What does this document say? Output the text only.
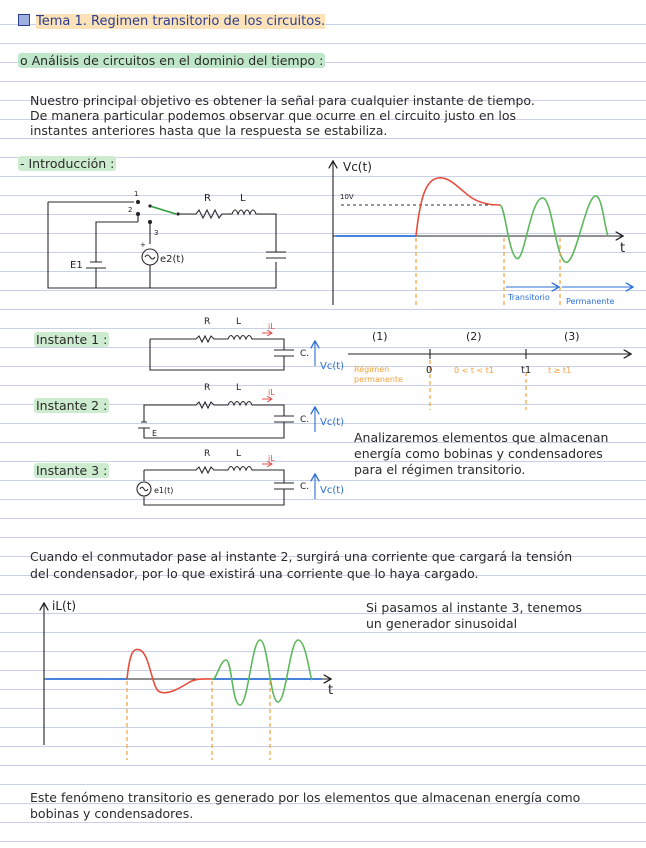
Tema 1. Regimen transitorio de los circuitos.
o Análisis de circuitos en el dominio del tiempo :
Nuestro principal objetivo es obtener la señal para cualquier instante de tiempo.
De manera particular podemos observar que ocurre en el circuito justo en los
instantes anteriores hasta que la respuesta se estabiliza.
- Introducción :
Instante 1 :
Instante 2 :
Instante 3 :
Analizaremos elementos que almacenan
energía como bobinas y condensadores
para el régimen transitorio.
Cuando el conmutador pase al instante 2, surgirá una corriente que cargará la tensión
del condensador, por lo que existirá una corriente que lo haya cargado.
Si pasamos al instante 3, tenemos
un generador sinusoidal
Este fenómeno transitorio es generado por los elementos que almacenan energía como
bobinas y condensadores.
1
2
3
R	L
E1
e2(t)
+
Vc(t)
10V
t
Transitorio Permanente
R	L	iL
C.
Vc(t)
R	L	iL
C. Vc(t)
E
R	L	iL
C. Vc(t)
e1(t)
(1)	(2)	(3)
0	t1
Régimen
permanente
0 < t < t1	t ≥ t1
iL(t)
t
